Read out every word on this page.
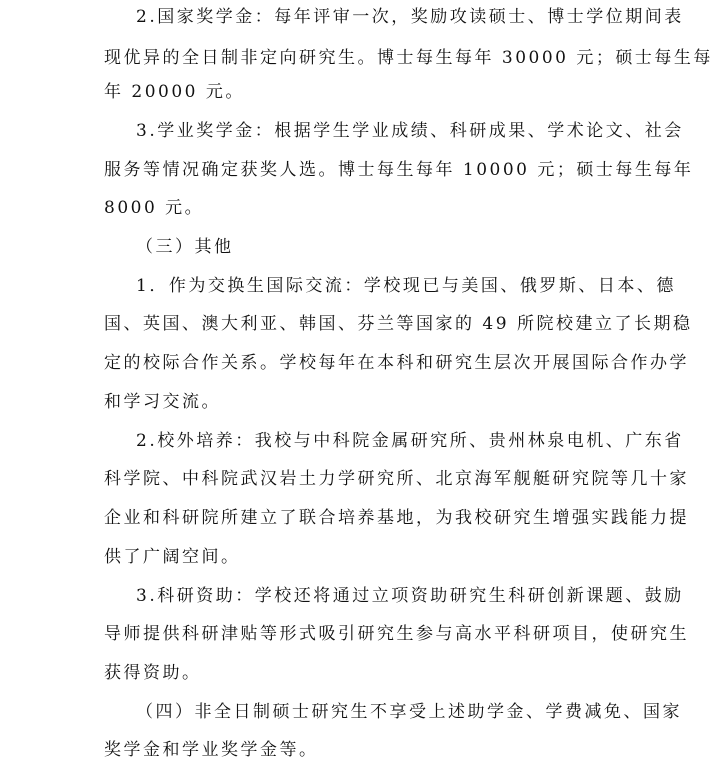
2.国家奖学金：每年评审一次，奖励攻读硕士、博士学位期间表
现优异的全日制非定向研究生。博士每生每年 30000 元；硕士每生每
年 20000 元。
3.学业奖学金：根据学生学业成绩、科研成果、学术论文、社会
服务等情况确定获奖人选。博士每生每年 10000 元；硕士每生每年
8000 元。
（三）其他
1．作为交换生国际交流：学校现已与美国、俄罗斯、日本、德
国、英国、澳大利亚、韩国、芬兰等国家的 49 所院校建立了长期稳
定的校际合作关系。学校每年在本科和研究生层次开展国际合作办学
和学习交流。
2.校外培养：我校与中科院金属研究所、贵州林泉电机、广东省
科学院、中科院武汉岩土力学研究所、北京海军舰艇研究院等几十家
企业和科研院所建立了联合培养基地，为我校研究生增强实践能力提
供了广阔空间。
3.科研资助：学校还将通过立项资助研究生科研创新课题、鼓励
导师提供科研津贴等形式吸引研究生参与高水平科研项目，使研究生
获得资助。
（四）非全日制硕士研究生不享受上述助学金、学费减免、国家
奖学金和学业奖学金等。
